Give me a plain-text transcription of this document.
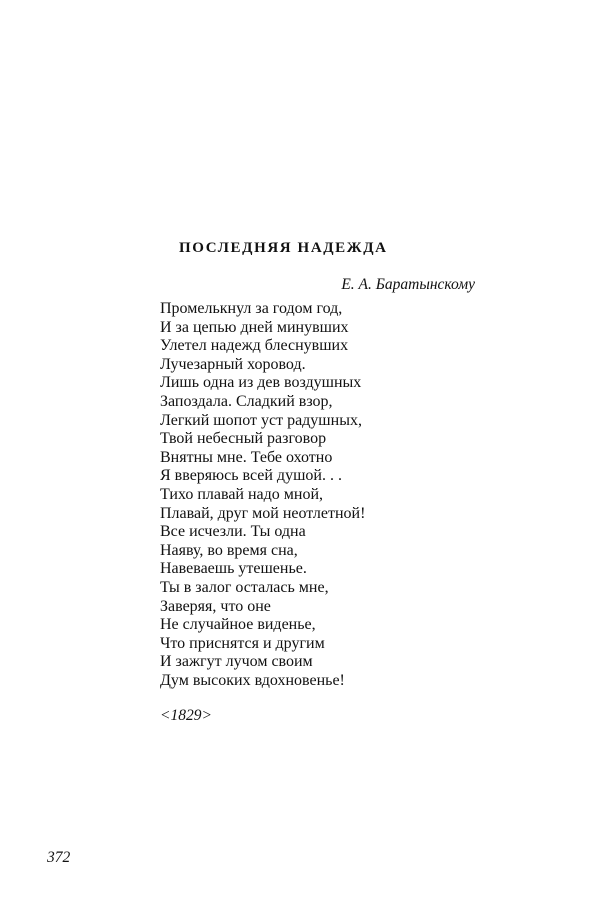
ПОСЛЕДНЯЯ НАДЕЖДА
Е. А. Баратынскому
Промелькнул за годом год,
И за цепью дней минувших
Улетел надежд блеснувших
Лучезарный хоровод.
Лишь одна из дев воздушных
Запоздала. Сладкий взор,
Легкий шопот уст радушных,
Твой небесный разговор
Внятны мне. Тебе охотно
Я вверяюсь всей душой. . .
Тихо плавай надо мной,
Плавай, друг мой неотлетной!
Все исчезли. Ты одна
Наяву, во время сна,
Навеваешь утешенье.
Ты в залог осталась мне,
Заверяя, что оне
Не случайное виденье,
Что приснятся и другим
И зажгут лучом своим
Дум высоких вдохновенье!
<1829>
372
